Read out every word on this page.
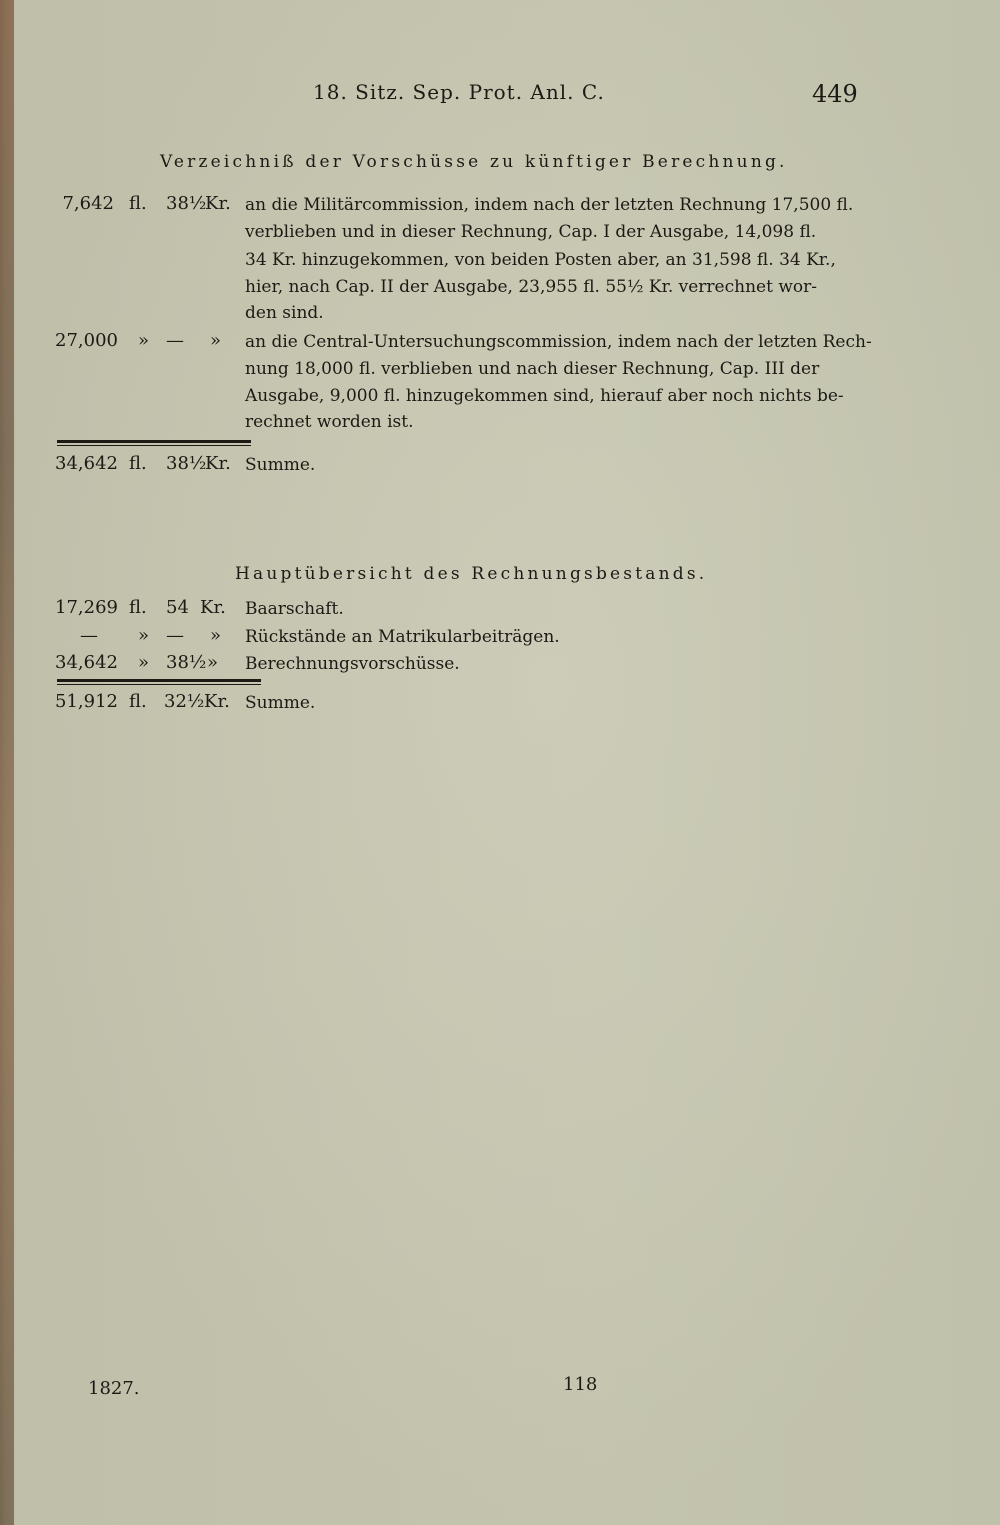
18. Sitz. Sep. Prot. Anl. C.	449
Verzeichniß der Vorschüsse zu künftiger Berechnung.
7,642 fl. 38½
Kr. an die Militärcommission, indem nach der letzten Rechnung 17,500 fl.
verblieben und in dieser Rechnung, Cap. I der Ausgabe, 14,098 fl.
34 Kr. hinzugekommen, von beiden Posten aber, an 31,598 fl. 34 Kr.,
hier, nach Cap. II der Ausgabe, 23,955 fl. 55½ Kr. verrechnet wor-
den sind.
27,000 » — » an die Central-Untersuchungscommission, indem nach der letzten Rech-
nung 18,000 fl. verblieben und nach dieser Rechnung, Cap. III der
Ausgabe, 9,000 fl. hinzugekommen sind, hierauf aber noch nichts be-
rechnet worden ist.
34,642 fl. 38½
Kr. Summe.
Hauptübersicht des Rechnungsbestands.
17,269 fl. 54 Kr. Baarschaft.
— » — » Rückstände an Matrikularbeiträgen.
34,642 » 38½ » Berechnungsvorschüsse.
51,912 fl. 32½ Kr. Summe.
1827.	118
